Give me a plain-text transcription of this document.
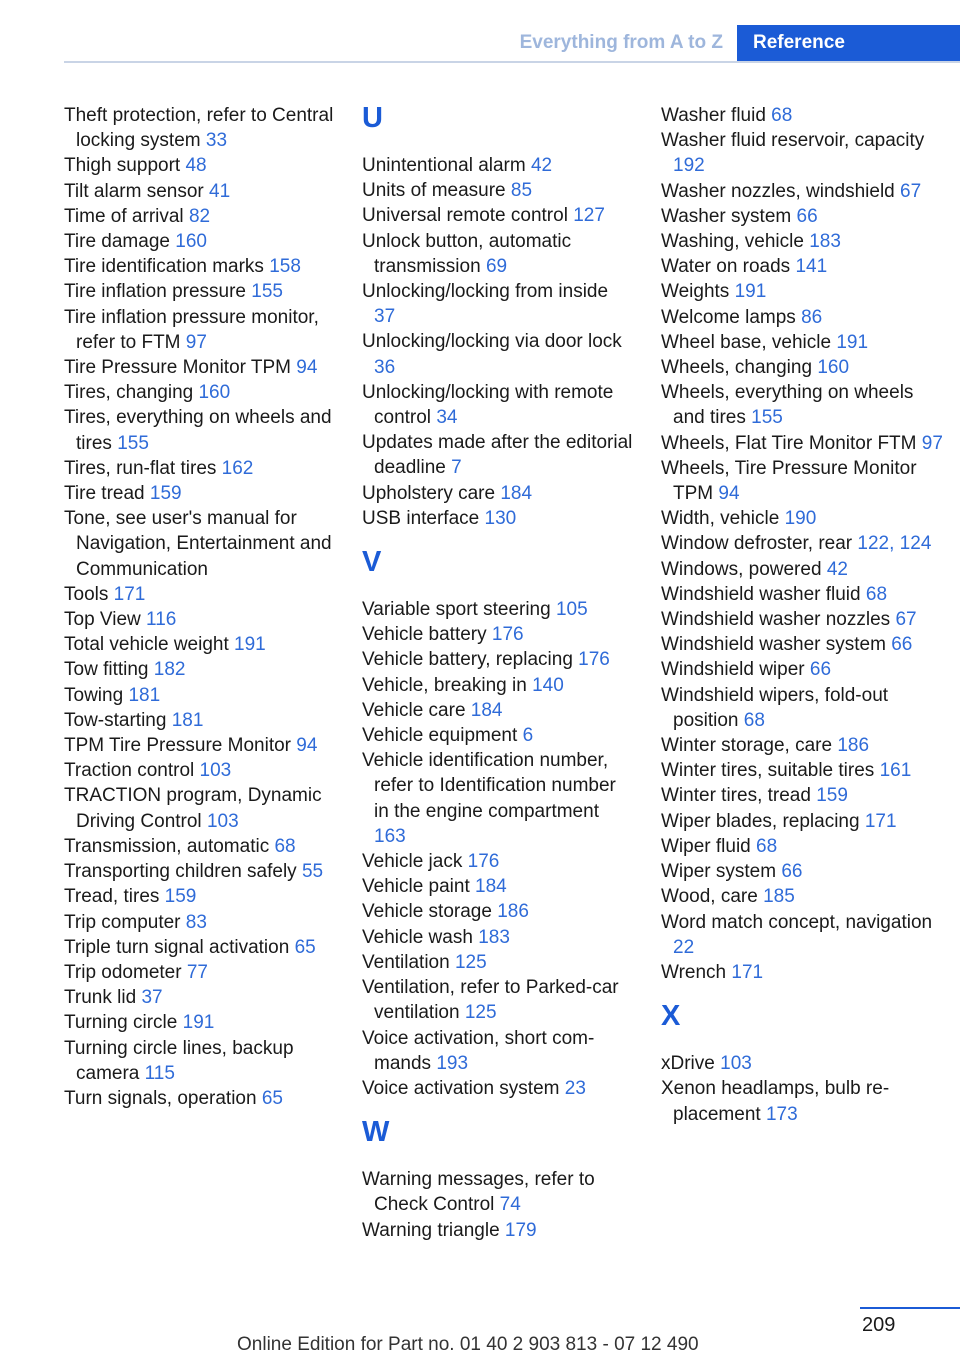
Everything from A to Z	Reference

Theft protection, refer to Central locking system 33

Thigh support 48

Tilt alarm sensor 41

Time of arrival 82

Tire damage 160

Tire identification marks 158

Tire inflation pressure 155

Tire inflation pressure monitor, refer to FTM 97

Tire Pressure Monitor TPM 94

Tires, changing 160

Tires, everything on wheels and tires 155

Tires, run-flat tires 162

Tire tread 159

Tone, see user's manual for Navigation, Entertainment and Communication

Tools 171

Top View 116

Total vehicle weight 191

Tow fitting 182

Towing 181

Tow-starting 181

TPM Tire Pressure Monitor 94

Traction control 103

TRACTION program, Dynamic Driving Control 103

Transmission, automatic 68

Transporting children safely 55

Tread, tires 159

Trip computer 83

Triple turn signal activation 65

Trip odometer 77

Trunk lid 37

Turning circle 191

Turning circle lines, backup camera 115

Turn signals, operation 65

U

Unintentional alarm 42

Units of measure 85

Universal remote control 127

Unlock button, automatic transmission 69

Unlocking/locking from inside 37

Unlocking/locking via door lock 36

Unlocking/locking with remote control 34

Updates made after the editorial deadline 7

Upholstery care 184

USB interface 130

V

Variable sport steering 105

Vehicle battery 176

Vehicle battery, replacing 176

Vehicle, breaking in 140

Vehicle care 184

Vehicle equipment 6

Vehicle identification number, refer to Identification number in the engine compartment 163

Vehicle jack 176

Vehicle paint 184

Vehicle storage 186

Vehicle wash 183

Ventilation 125

Ventilation, refer to Parked-car ventilation 125

Voice activation, short commands 193

Voice activation system 23

W

Warning messages, refer to Check Control 74

Warning triangle 179

Washer fluid 68

Washer fluid reservoir, capacity 192

Washer nozzles, windshield 67

Washer system 66

Washing, vehicle 183

Water on roads 141

Weights 191

Welcome lamps 86

Wheel base, vehicle 191

Wheels, changing 160

Wheels, everything on wheels and tires 155

Wheels, Flat Tire Monitor FTM 97

Wheels, Tire Pressure Monitor TPM 94

Width, vehicle 190

Window defroster, rear 122, 124

Windows, powered 42

Windshield washer fluid 68

Windshield washer nozzles 67

Windshield washer system 66

Windshield wiper 66

Windshield wipers, fold-out position 68

Winter storage, care 186

Winter tires, suitable tires 161

Winter tires, tread 159

Wiper blades, replacing 171

Wiper fluid 68

Wiper system 66

Wood, care 185

Word match concept, navigation 22

Wrench 171

X

xDrive 103

Xenon headlamps, bulb replacement 173

209
Online Edition for Part no. 01 40 2 903 813 - 07 12 490
